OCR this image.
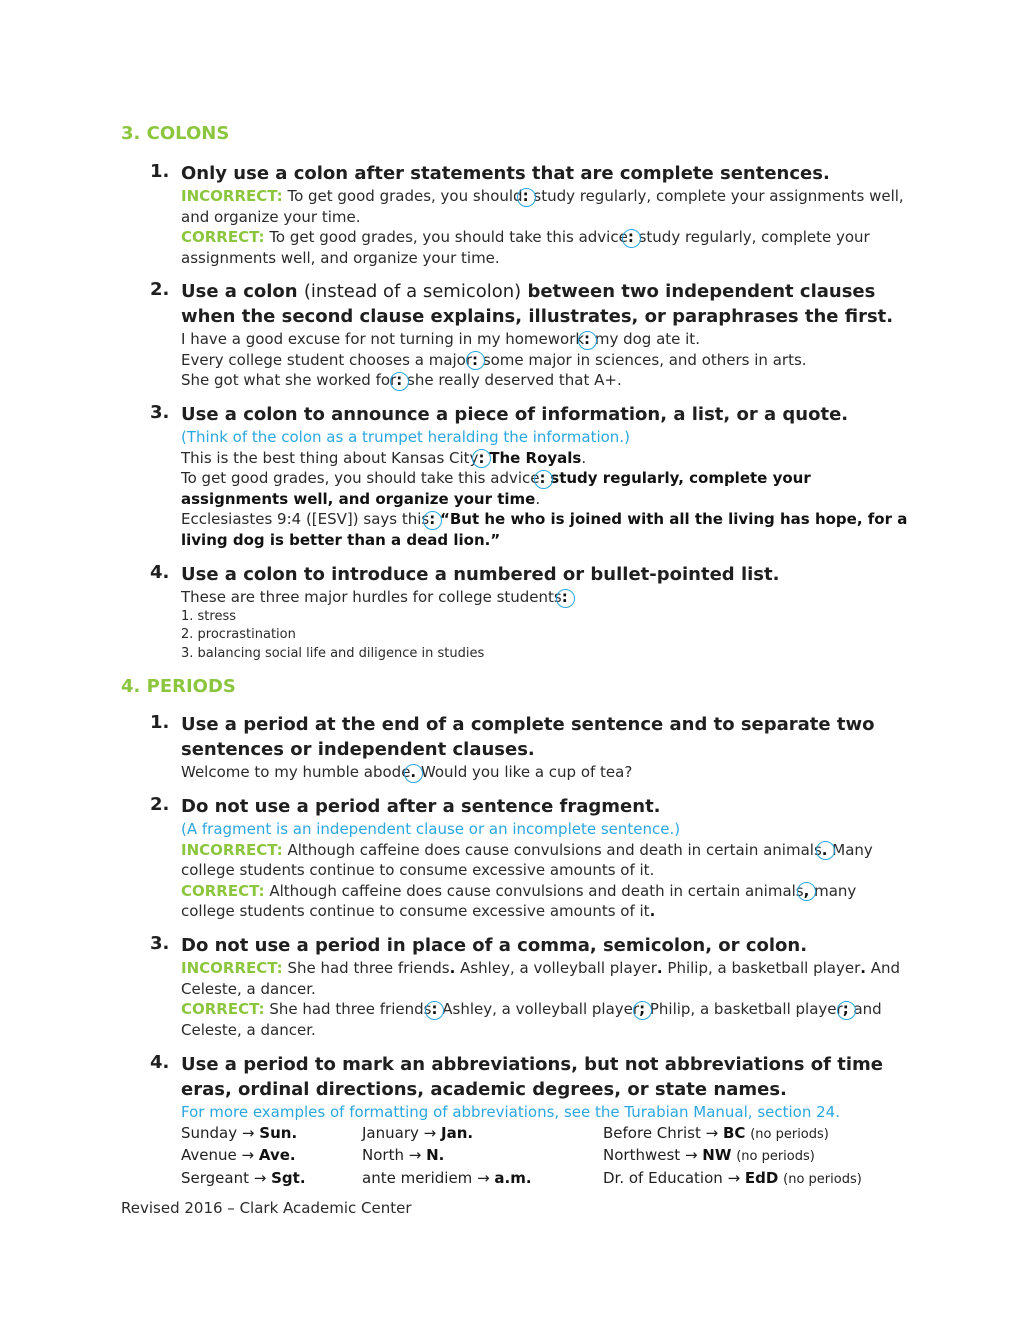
3. COLONS
1. Only use a colon after statements that are complete sentences.
INCORRECT: To get good grades, you should: study regularly, complete your assignments well, and organize your time.
CORRECT: To get good grades, you should take this advice: study regularly, complete your assignments well, and organize your time.
2. Use a colon (instead of a semicolon) between two independent clauses when the second clause explains, illustrates, or paraphrases the first.
I have a good excuse for not turning in my homework: my dog ate it.
Every college student chooses a major: some major in sciences, and others in arts.
She got what she worked for: she really deserved that A+.
3. Use a colon to announce a piece of information, a list, or a quote.
(Think of the colon as a trumpet heralding the information.)
This is the best thing about Kansas City: The Royals.
To get good grades, you should take this advice: study regularly, complete your assignments well, and organize your time.
Ecclesiastes 9:4 ([ESV]) says this: “But he who is joined with all the living has hope, for a living dog is better than a dead lion.”
4. Use a colon to introduce a numbered or bullet-pointed list.
These are three major hurdles for college students:
1. stress
2. procrastination
3. balancing social life and diligence in studies
4. PERIODS
1. Use a period at the end of a complete sentence and to separate two sentences or independent clauses.
Welcome to my humble abode. Would you like a cup of tea?
2. Do not use a period after a sentence fragment.
(A fragment is an independent clause or an incomplete sentence.)
INCORRECT: Although caffeine does cause convulsions and death in certain animals. Many college students continue to consume excessive amounts of it.
CORRECT: Although caffeine does cause convulsions and death in certain animals, many college students continue to consume excessive amounts of it.
3. Do not use a period in place of a comma, semicolon, or colon.
INCORRECT: She had three friends. Ashley, a volleyball player. Philip, a basketball player. And Celeste, a dancer.
CORRECT: She had three friends: Ashley, a volleyball player; Philip, a basketball player; and Celeste, a dancer.
4. Use a period to mark an abbreviations, but not abbreviations of time eras, ordinal directions, academic degrees, or state names.
For more examples of formatting of abbreviations, see the Turabian Manual, section 24.
Sunday → Sun.	January → Jan.	Before Christ → BC (no periods)
Avenue → Ave.	North → N.	Northwest → NW (no periods)
Sergeant → Sgt.	ante meridiem → a.m.	Dr. of Education → EdD (no periods)
Revised 2016 – Clark Academic Center
